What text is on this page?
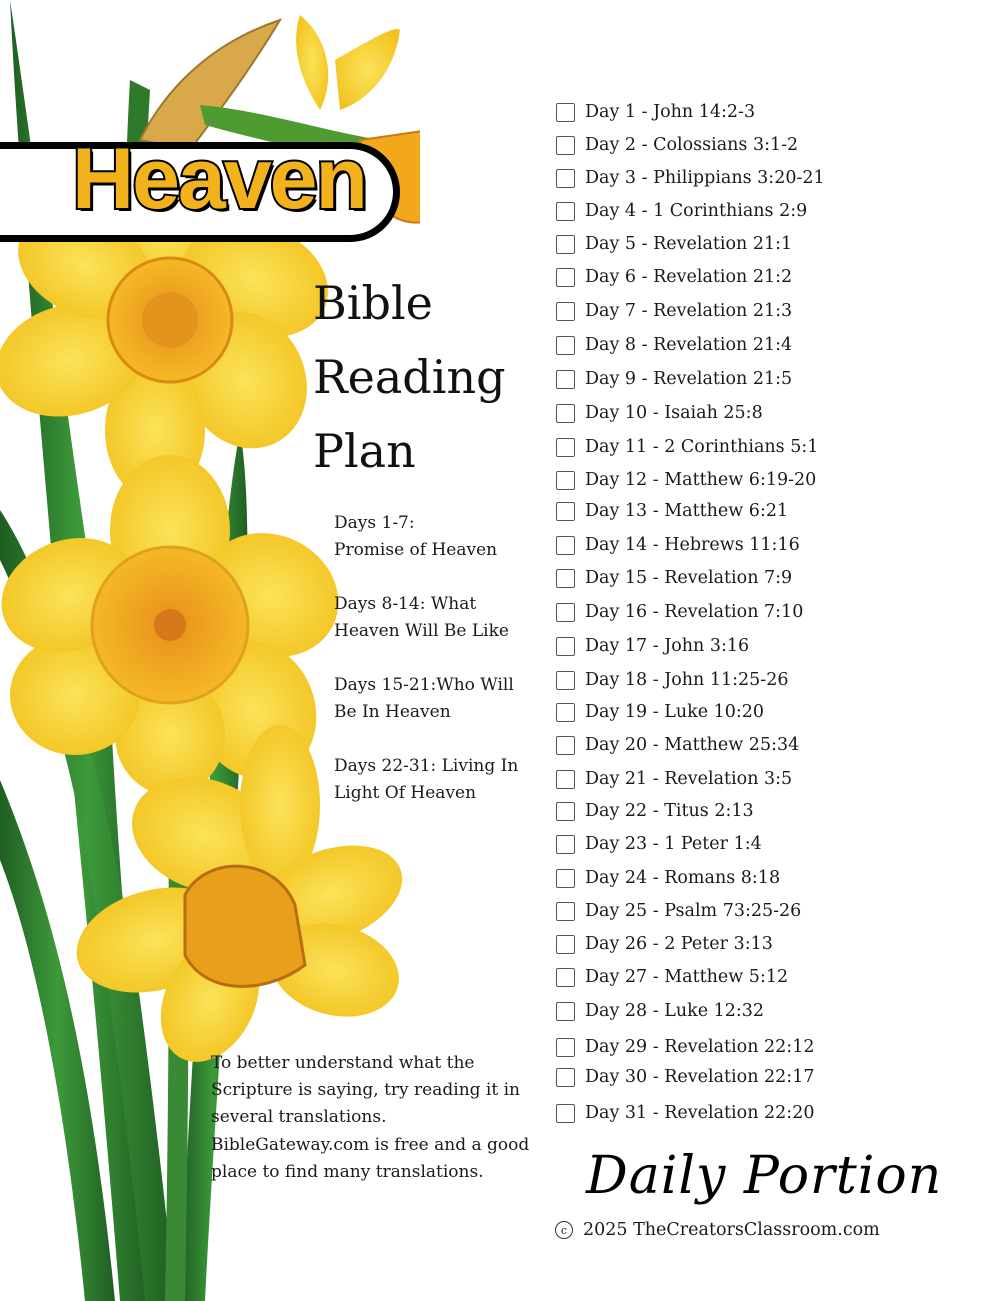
Heaven
Bible
Reading
Plan
Days 1-7:
Promise of Heaven
Days 8-14: What
Heaven Will Be Like
Days 15-21:Who Will
Be In Heaven
Days 22-31: Living In
Light Of Heaven
Day 1 - John 14:2-3
Day 2 - Colossians 3:1-2
Day 3 - Philippians 3:20-21
Day 4 - 1 Corinthians 2:9
Day 5 - Revelation 21:1
Day 6 - Revelation 21:2
Day 7 - Revelation 21:3
Day 8 - Revelation 21:4
Day 9 - Revelation 21:5
Day 10 - Isaiah 25:8
Day 11 - 2 Corinthians 5:1
Day 12 - Matthew 6:19-20
Day 13 - Matthew 6:21
Day 14 - Hebrews 11:16
Day 15 - Revelation 7:9
Day 16 - Revelation 7:10
Day 17 - John 3:16
Day 18 - John 11:25-26
Day 19 - Luke 10:20
Day 20 - Matthew 25:34
Day 21 - Revelation 3:5
Day 22 - Titus 2:13
Day 23 - 1 Peter 1:4
Day 24 - Romans 8:18
Day 25 - Psalm 73:25-26
Day 26 - 2 Peter 3:13
Day 27 - Matthew 5:12
Day 28 - Luke 12:32
Day 29 - Revelation 22:12
Day 30 - Revelation 22:17
Day 31 - Revelation 22:20
To better understand what the
Scripture is saying, try reading it in
several translations.
BibleGateway.com is free and a good
place to find many translations.	Daily Portion
c 2025 TheCreatorsClassroom.com
